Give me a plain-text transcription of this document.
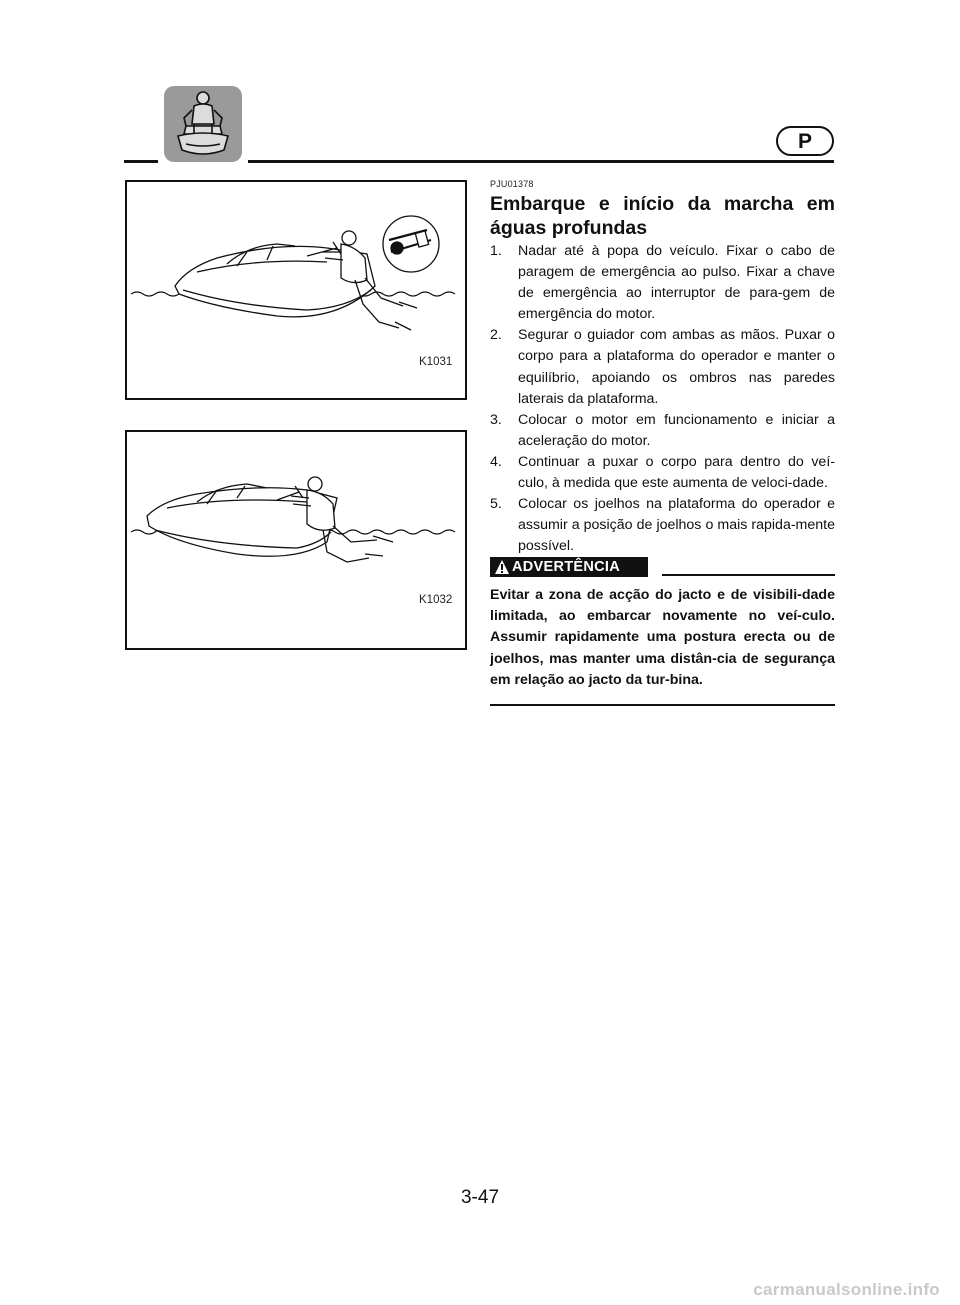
P
K1031
K1032
PJU01378
Embarque e início da marcha em águas profundas
1. Nadar até à popa do veículo. Fixar o cabo de paragem de emergência ao pulso. Fixar a chave de emergência ao interruptor de para-gem de emergência do motor.
2. Segurar o guiador com ambas as mãos. Puxar o corpo para a plataforma do operador e manter o equilíbrio, apoiando os ombros nas paredes laterais da plataforma.
3. Colocar o motor em funcionamento e iniciar a aceleração do motor.
4. Continuar a puxar o corpo para dentro do veí-culo, à medida que este aumenta de veloci-dade.
5. Colocar os joelhos na plataforma do operador e assumir a posição de joelhos o mais rapida-mente possível.
ADVERTÊNCIA

Evitar a zona de acção do jacto e de visibili-dade limitada, ao embarcar novamente no veí-culo. Assumir rapidamente uma postura erecta ou de joelhos, mas manter uma distân-cia de segurança em relação ao jacto da tur-bina.

3-47
carmanualsonline.info
